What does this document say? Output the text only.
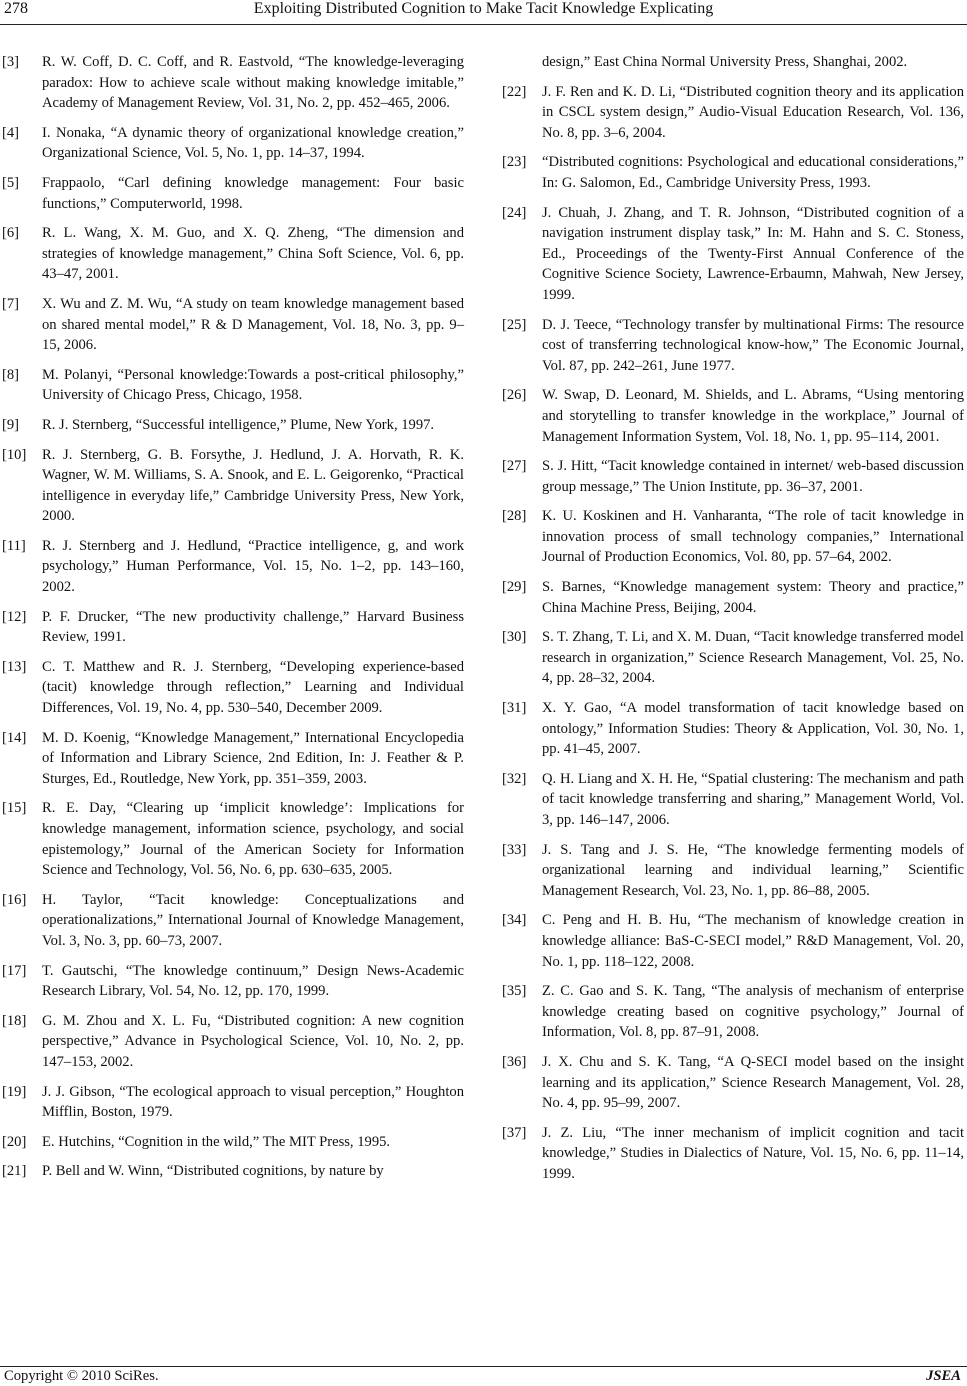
278	Exploiting Distributed Cognition to Make Tacit Knowledge Explicating
[3]	R. W. Coff, D. C. Coff, and R. Eastvold, “The knowledge-leveraging paradox: How to achieve scale without making knowledge imitable,” Academy of Management Review, Vol. 31, No. 2, pp. 452–465, 2006.
[4]	I. Nonaka, “A dynamic theory of organizational knowledge creation,” Organizational Science, Vol. 5, No. 1, pp. 14–37, 1994.
[5]	Frappaolo, “Carl defining knowledge management: Four basic functions,” Computerworld, 1998.
[6]	R. L. Wang, X. M. Guo, and X. Q. Zheng, “The dimension and strategies of knowledge management,” China Soft Science, Vol. 6, pp. 43–47, 2001.
[7]	X. Wu and Z. M. Wu, “A study on team knowledge management based on shared mental model,” R & D Management, Vol. 18, No. 3, pp. 9–15, 2006.
[8]	M. Polanyi, “Personal knowledge:Towards a post-critical philosophy,” University of Chicago Press, Chicago, 1958.
[9]	R. J. Sternberg, “Successful intelligence,” Plume, New York, 1997.
[10]	R. J. Sternberg, G. B. Forsythe, J. Hedlund, J. A. Horvath, R. K. Wagner, W. M. Williams, S. A. Snook, and E. L. Geigorenko, “Practical intelligence in everyday life,” Cambridge University Press, New York, 2000.
[11]	R. J. Sternberg and J. Hedlund, “Practice intelligence, g, and work psychology,” Human Performance, Vol. 15, No. 1–2, pp. 143–160, 2002.
[12]	P. F. Drucker, “The new productivity challenge,” Harvard Business Review, 1991.
[13]	C. T. Matthew and R. J. Sternberg, “Developing experience-based (tacit) knowledge through reflection,” Learning and Individual Differences, Vol. 19, No. 4, pp. 530–540, December 2009.
[14]	M. D. Koenig, “Knowledge Management,” International Encyclopedia of Information and Library Science, 2nd Edition, In: J. Feather & P. Sturges, Ed., Routledge, New York, pp. 351–359, 2003.
[15]	R. E. Day, “Clearing up ‘implicit knowledge’: Implications for knowledge management, information science, psychology, and social epistemology,” Journal of the American Society for Information Science and Technology, Vol. 56, No. 6, pp. 630–635, 2005.
[16]	H. Taylor, “Tacit knowledge: Conceptualizations and operationalizations,” International Journal of Knowledge Management, Vol. 3, No. 3, pp. 60–73, 2007.
[17]	T. Gautschi, “The knowledge continuum,” Design News-Academic Research Library, Vol. 54, No. 12, pp. 170, 1999.
[18]	G. M. Zhou and X. L. Fu, “Distributed cognition: A new cognition perspective,” Advance in Psychological Science, Vol. 10, No. 2, pp. 147–153, 2002.
[19]	J. J. Gibson, “The ecological approach to visual perception,” Houghton Mifflin, Boston, 1979.
[20]	E. Hutchins, “Cognition in the wild,” The MIT Press, 1995.
[21]	P. Bell and W. Winn, “Distributed cognitions, by nature by
design,” East China Normal University Press, Shanghai, 2002.
[22]	J. F. Ren and K. D. Li, “Distributed cognition theory and its application in CSCL system design,” Audio-Visual Education Research, Vol. 136, No. 8, pp. 3–6, 2004.
[23]	“Distributed cognitions: Psychological and educational considerations,” In: G. Salomon, Ed., Cambridge University Press, 1993.
[24]	J. Chuah, J. Zhang, and T. R. Johnson, “Distributed cognition of a navigation instrument display task,” In: M. Hahn and S. C. Stoness, Ed., Proceedings of the Twenty-First Annual Conference of the Cognitive Science Society, Lawrence-Erbaumn, Mahwah, New Jersey, 1999.
[25]	D. J. Teece, “Technology transfer by multinational Firms: The resource cost of transferring technological know-how,” The Economic Journal, Vol. 87, pp. 242–261, June 1977.
[26]	W. Swap, D. Leonard, M. Shields, and L. Abrams, “Using mentoring and storytelling to transfer knowledge in the workplace,” Journal of Management Information System, Vol. 18, No. 1, pp. 95–114, 2001.
[27]	S. J. Hitt, “Tacit knowledge contained in internet/ web-based discussion group message,” The Union Institute, pp. 36–37, 2001.
[28]	K. U. Koskinen and H. Vanharanta, “The role of tacit knowledge in innovation process of small technology companies,” International Journal of Production Economics, Vol. 80, pp. 57–64, 2002.
[29]	S. Barnes, “Knowledge management system: Theory and practice,” China Machine Press, Beijing, 2004.
[30]	S. T. Zhang, T. Li, and X. M. Duan, “Tacit knowledge transferred model research in organization,” Science Research Management, Vol. 25, No. 4, pp. 28–32, 2004.
[31]	X. Y. Gao, “A model transformation of tacit knowledge based on ontology,” Information Studies: Theory & Application, Vol. 30, No. 1, pp. 41–45, 2007.
[32]	Q. H. Liang and X. H. He, “Spatial clustering: The mechanism and path of tacit knowledge transferring and sharing,” Management World, Vol. 3, pp. 146–147, 2006.
[33]	J. S. Tang and J. S. He, “The knowledge fermenting models of organizational learning and individual learning,” Scientific Management Research, Vol. 23, No. 1, pp. 86–88, 2005.
[34]	C. Peng and H. B. Hu, “The mechanism of knowledge creation in knowledge alliance: BaS-C-SECI model,” R&D Management, Vol. 20, No. 1, pp. 118–122, 2008.
[35]	Z. C. Gao and S. K. Tang, “The analysis of mechanism of enterprise knowledge creating based on cognitive psychology,” Journal of Information, Vol. 8, pp. 87–91, 2008.
[36]	J. X. Chu and S. K. Tang, “A Q-SECI model based on the insight learning and its application,” Science Research Management, Vol. 28, No. 4, pp. 95–99, 2007.
[37]	J. Z. Liu, “The inner mechanism of implicit cognition and tacit knowledge,” Studies in Dialectics of Nature, Vol. 15, No. 6, pp. 11–14, 1999.
Copyright © 2010 SciRes.	JSEA
